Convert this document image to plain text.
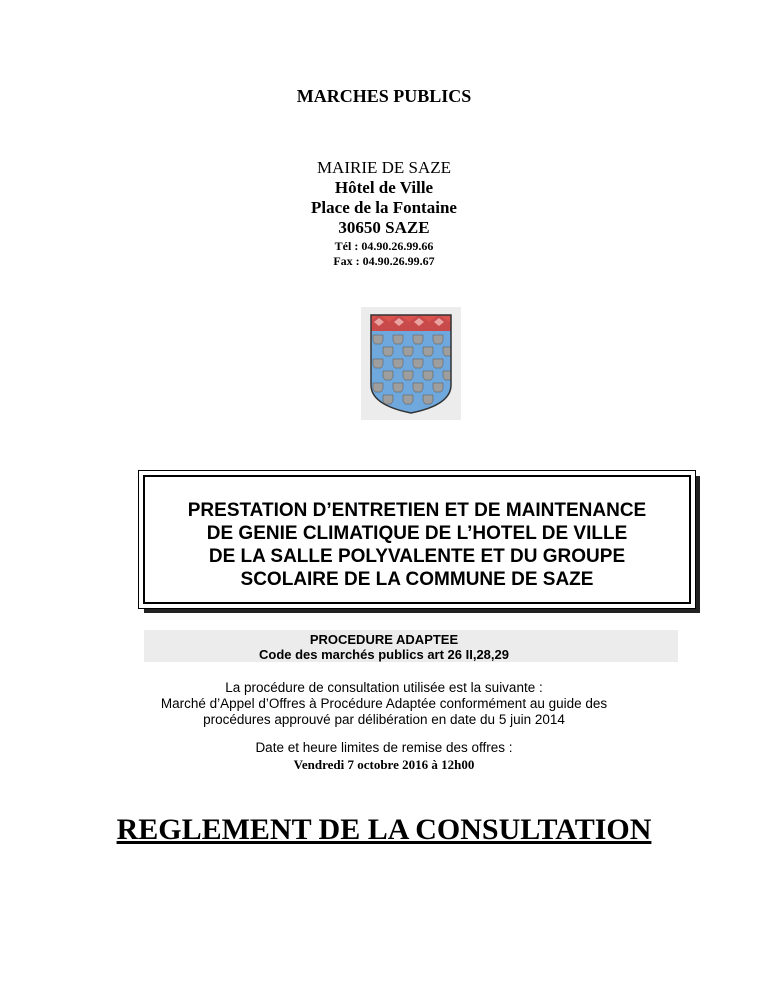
MARCHES PUBLICS
MAIRIE DE SAZE
Hôtel de Ville
Place de la Fontaine
30650 SAZE
Tél : 04.90.26.99.66
Fax : 04.90.26.99.67
PRESTATION D’ENTRETIEN ET DE MAINTENANCE
DE GENIE CLIMATIQUE DE L’HOTEL DE VILLE
DE LA SALLE POLYVALENTE ET DU GROUPE
SCOLAIRE DE LA COMMUNE DE SAZE
PROCEDURE ADAPTEE
Code des marchés publics art 26 II,28,29
La procédure de consultation utilisée est la suivante :
Marché d’Appel d’Offres à Procédure Adaptée conformément au guide des
procédures approuvé par délibération en date du 5 juin 2014
Date et heure limites de remise des offres :
Vendredi 7 octobre 2016 à 12h00
REGLEMENT DE LA CONSULTATION
